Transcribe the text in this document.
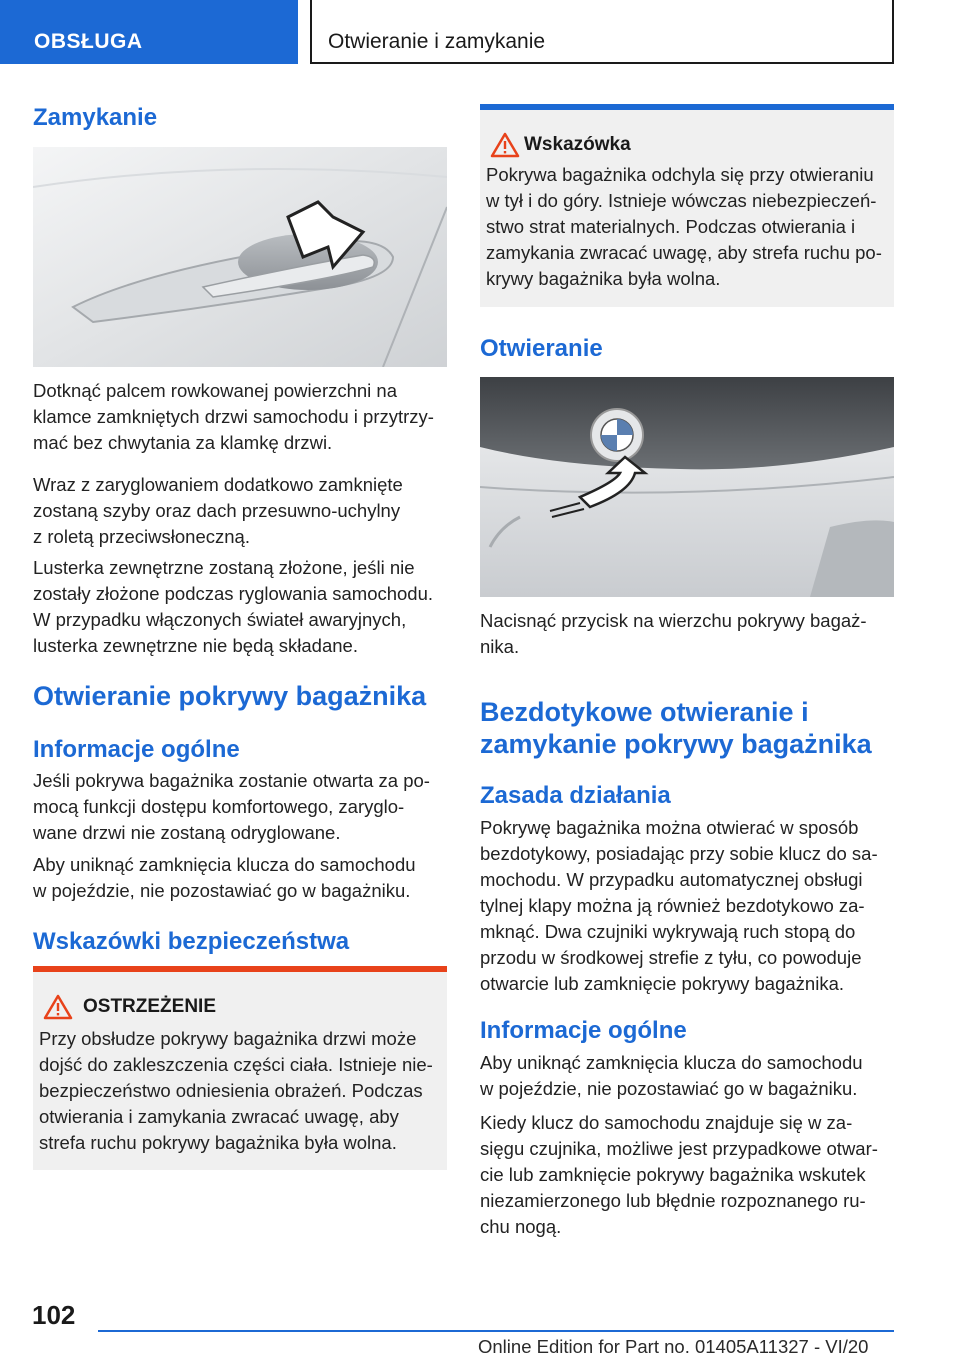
OBSŁUGA	Otwieranie i zamykanie
Zamykanie
Dotknąć palcem rowkowanej powierzchni na
klamce zamkniętych drzwi samochodu i przytrzy-
mać bez chwytania za klamkę drzwi.
Wraz z zaryglowaniem dodatkowo zamknięte
zostaną szyby oraz dach przesuwno-uchylny
z roletą przeciwsłoneczną.
Lusterka zewnętrzne zostaną złożone, jeśli nie
zostały złożone podczas ryglowania samochodu.
W przypadku włączonych świateł awaryjnych,
lusterka zewnętrzne nie będą składane.
Otwieranie pokrywy bagażnika
Informacje ogólne
Jeśli pokrywa bagażnika zostanie otwarta za po-
mocą funkcji dostępu komfortowego, zaryglo-
wane drzwi nie zostaną odryglowane.
Aby uniknąć zamknięcia klucza do samochodu
w pojeździe, nie pozostawiać go w bagażniku.
Wskazówki bezpieczeństwa
OSTRZEŻENIE
Przy obsłudze pokrywy bagażnika drzwi może
dojść do zakleszczenia części ciała. Istnieje nie-
bezpieczeństwo odniesienia obrażeń. Podczas
otwierania i zamykania zwracać uwagę, aby
strefa ruchu pokrywy bagażnika była wolna.
Wskazówka
Pokrywa bagażnika odchyla się przy otwieraniu
w tył i do góry. Istnieje wówczas niebezpieczeń-
stwo strat materialnych. Podczas otwierania i
zamykania zwracać uwagę, aby strefa ruchu po-
krywy bagażnika była wolna.
Otwieranie
Nacisnąć przycisk na wierzchu pokrywy bagaż-
nika.
Bezdotykowe otwieranie i
zamykanie pokrywy bagażnika
Zasada działania
Pokrywę bagażnika można otwierać w sposób
bezdotykowy, posiadając przy sobie klucz do sa-
mochodu. W przypadku automatycznej obsługi
tylnej klapy można ją również bezdotykowo za-
mknąć. Dwa czujniki wykrywają ruch stopą do
przodu w środkowej strefie z tyłu, co powoduje
otwarcie lub zamknięcie pokrywy bagażnika.
Informacje ogólne
Aby uniknąć zamknięcia klucza do samochodu
w pojeździe, nie pozostawiać go w bagażniku.
Kiedy klucz do samochodu znajduje się w za-
sięgu czujnika, możliwe jest przypadkowe otwar-
cie lub zamknięcie pokrywy bagażnika wskutek
niezamierzonego lub błędnie rozpoznanego ru-
chu nogą.
102
Online Edition for Part no. 01405A11327 - VI/20
